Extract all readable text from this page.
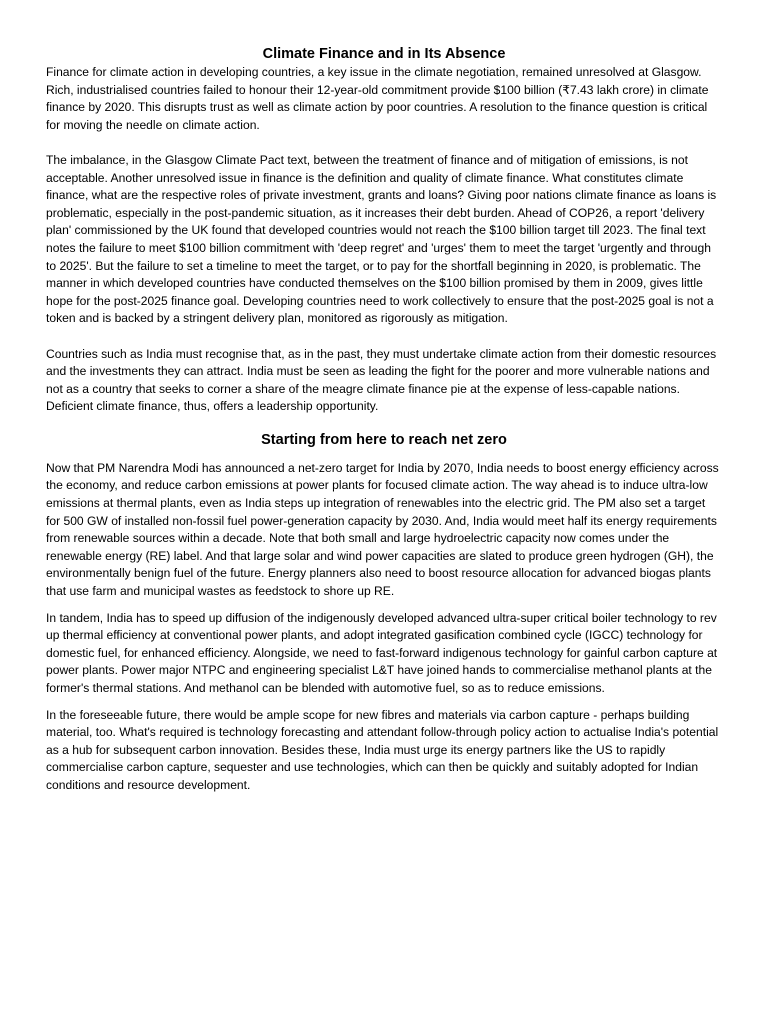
Climate Finance and in Its Absence

Finance for climate action in developing countries, a key issue in the climate negotiation, remained unresolved at Glasgow. Rich, industrialised countries failed to honour their 12-year-old commitment provide $100 billion (₹7.43 lakh crore) in climate finance by 2020. This disrupts trust as well as climate action by poor countries. A resolution to the finance question is critical for moving the needle on climate action.

The imbalance, in the Glasgow Climate Pact text, between the treatment of finance and of mitigation of emissions, is not acceptable. Another unresolved issue in finance is the definition and quality of climate finance. What constitutes climate finance, what are the respective roles of private investment, grants and loans? Giving poor nations climate finance as loans is problematic, especially in the post-pandemic situation, as it increases their debt burden. Ahead of COP26, a report 'delivery plan' commissioned by the UK found that developed countries would not reach the $100 billion target till 2023. The final text notes the failure to meet $100 billion commitment with 'deep regret' and 'urges' them to meet the target 'urgently and through to 2025'. But the failure to set a timeline to meet the target, or to pay for the shortfall beginning in 2020, is problematic. The manner in which developed countries have conducted themselves on the $100 billion promised by them in 2009, gives little hope for the post-2025 finance goal. Developing countries need to work collectively to ensure that the post-2025 goal is not a token and is backed by a stringent delivery plan, monitored as rigorously as mitigation.

Countries such as India must recognise that, as in the past, they must undertake climate action from their domestic resources and the investments they can attract. India must be seen as leading the fight for the poorer and more vulnerable nations and not as a country that seeks to corner a share of the meagre climate finance pie at the expense of less-capable nations. Deficient climate finance, thus, offers a leadership opportunity.

Starting from here to reach net zero

Now that PM Narendra Modi has announced a net-zero target for India by 2070, India needs to boost energy efficiency across the economy, and reduce carbon emissions at power plants for focused climate action. The way ahead is to induce ultra-low emissions at thermal plants, even as India steps up integration of renewables into the electric grid. The PM also set a target for 500 GW of installed non-fossil fuel power-generation capacity by 2030. And, India would meet half its energy requirements from renewable sources within a decade. Note that both small and large hydroelectric capacity now comes under the renewable energy (RE) label. And that large solar and wind power capacities are slated to produce green hydrogen (GH), the environmentally benign fuel of the future. Energy planners also need to boost resource allocation for advanced biogas plants that use farm and municipal wastes as feedstock to shore up RE.

In tandem, India has to speed up diffusion of the indigenously developed advanced ultra-super critical boiler technology to rev up thermal efficiency at conventional power plants, and adopt integrated gasification combined cycle (IGCC) technology for domestic fuel, for enhanced efficiency. Alongside, we need to fast-forward indigenous technology for gainful carbon capture at power plants. Power major NTPC and engineering specialist L&T have joined hands to commercialise methanol plants at the former's thermal stations. And methanol can be blended with automotive fuel, so as to reduce emissions.

In the foreseeable future, there would be ample scope for new fibres and materials via carbon capture - perhaps building material, too. What's required is technology forecasting and attendant follow-through policy action to actualise India's potential as a hub for subsequent carbon innovation. Besides these, India must urge its energy partners like the US to rapidly commercialise carbon capture, sequester and use technologies, which can then be quickly and suitably adopted for Indian conditions and resource development.
